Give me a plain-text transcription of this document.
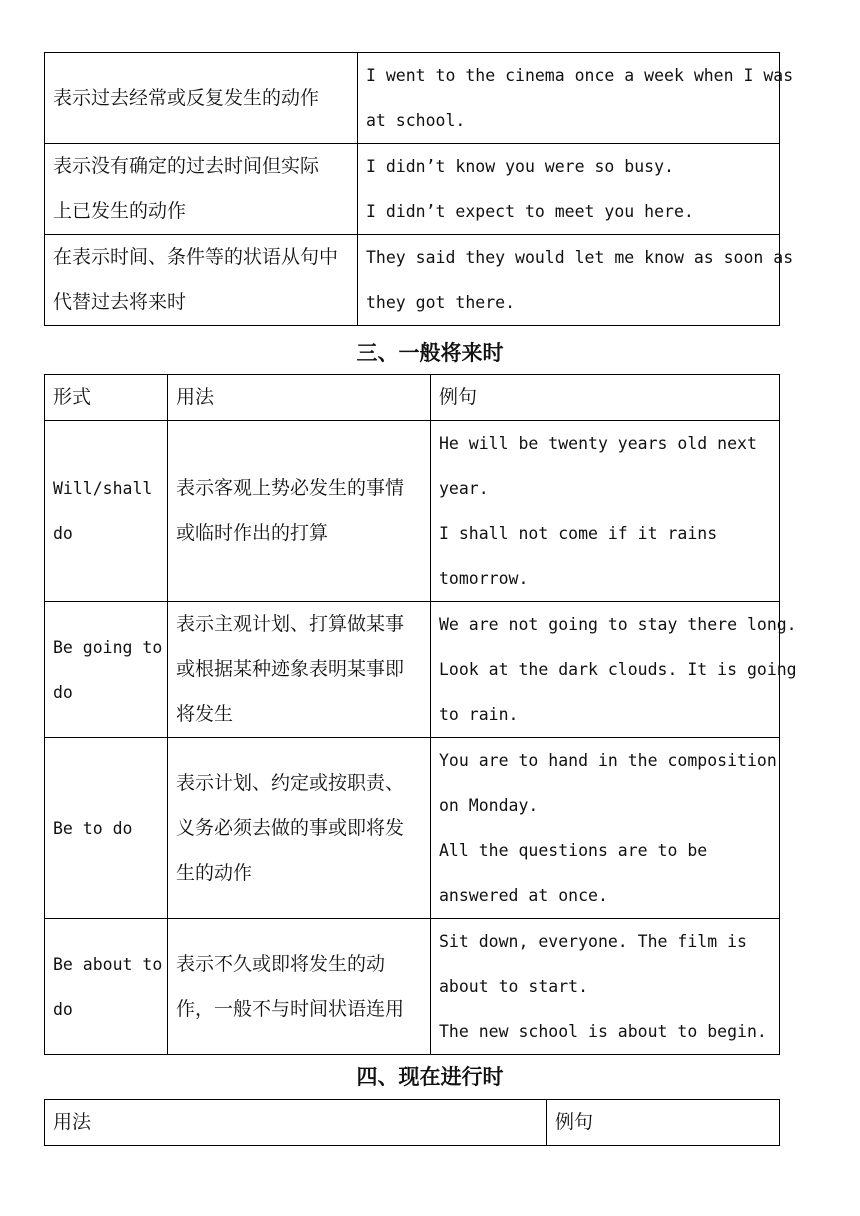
表示过去经常或反复发生的动作	I went to the cinema once a week when I was
at school.

表示没有确定的过去时间但实际
上已发生的动作	I didn’t know you were so busy.
I didn’t expect to meet you here.

在表示时间、条件等的状语从句中
代替过去将来时	They said they would let me know as soon as
they got there.
三、一般将来时
形式	用法	例句

Will/shall
do	表示客观上势必发生的事情
或临时作出的打算	He will be twenty years old next
year.
I shall not come if it rains
tomorrow.

Be going to
do	表示主观计划、打算做某事
或根据某种迹象表明某事即
将发生	We are not going to stay there long.
Look at the dark clouds. It is going
to rain.

Be to do	表示计划、约定或按职责、
义务必须去做的事或即将发
生的动作	You are to hand in the composition
on Monday.
All the questions are to be
answered at once.

Be about to
do	表示不久或即将发生的动
作，一般不与时间状语连用	Sit down, everyone. The film is
about to start.
The new school is about to begin.
四、现在进行时
用法	例句
